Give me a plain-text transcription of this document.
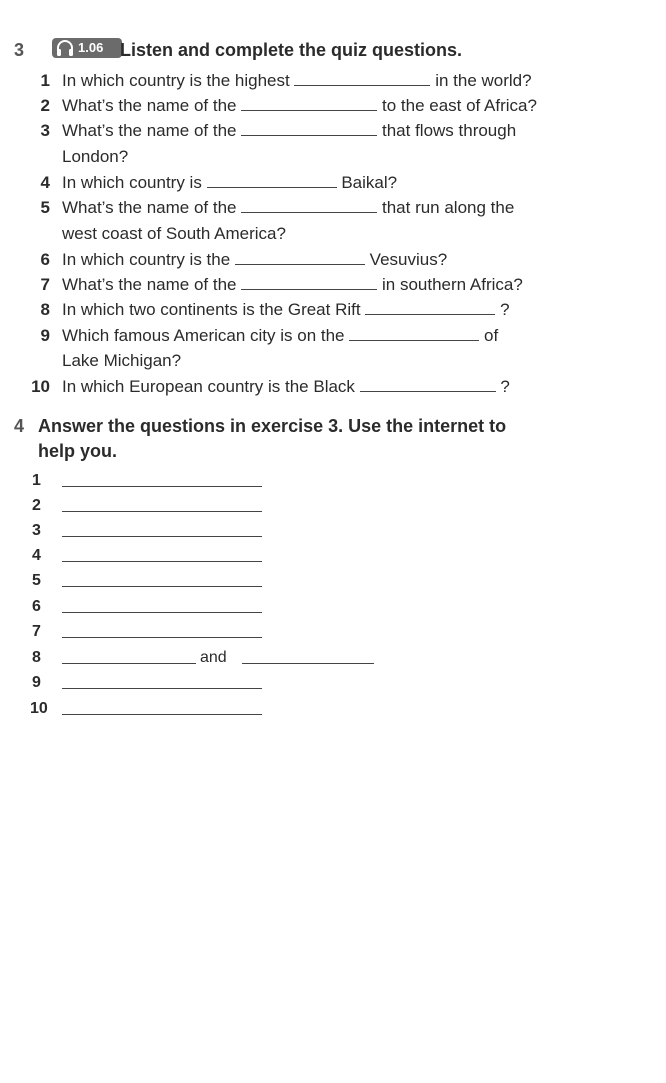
3	1.06 Listen and complete the quiz questions.
1 In which country is the highest	in the world?
2 What’s the name of the	to the east of Africa?
3 What’s the name of the	that flows through
London?
4 In which country is	Baikal?
5 What’s the name of the	that run along the
west coast of South America?
6 In which country is the	Vesuvius?
7 What’s the name of the	in southern Africa?
8 In which two continents is the Great Rift	?
9 Which famous American city is on the	of
Lake Michigan?
10 In which European country is the Black	?
4 Answer the questions in exercise 3. Use the internet to
help you.
1
2
3
4
5
6
7
8	and
9
10
